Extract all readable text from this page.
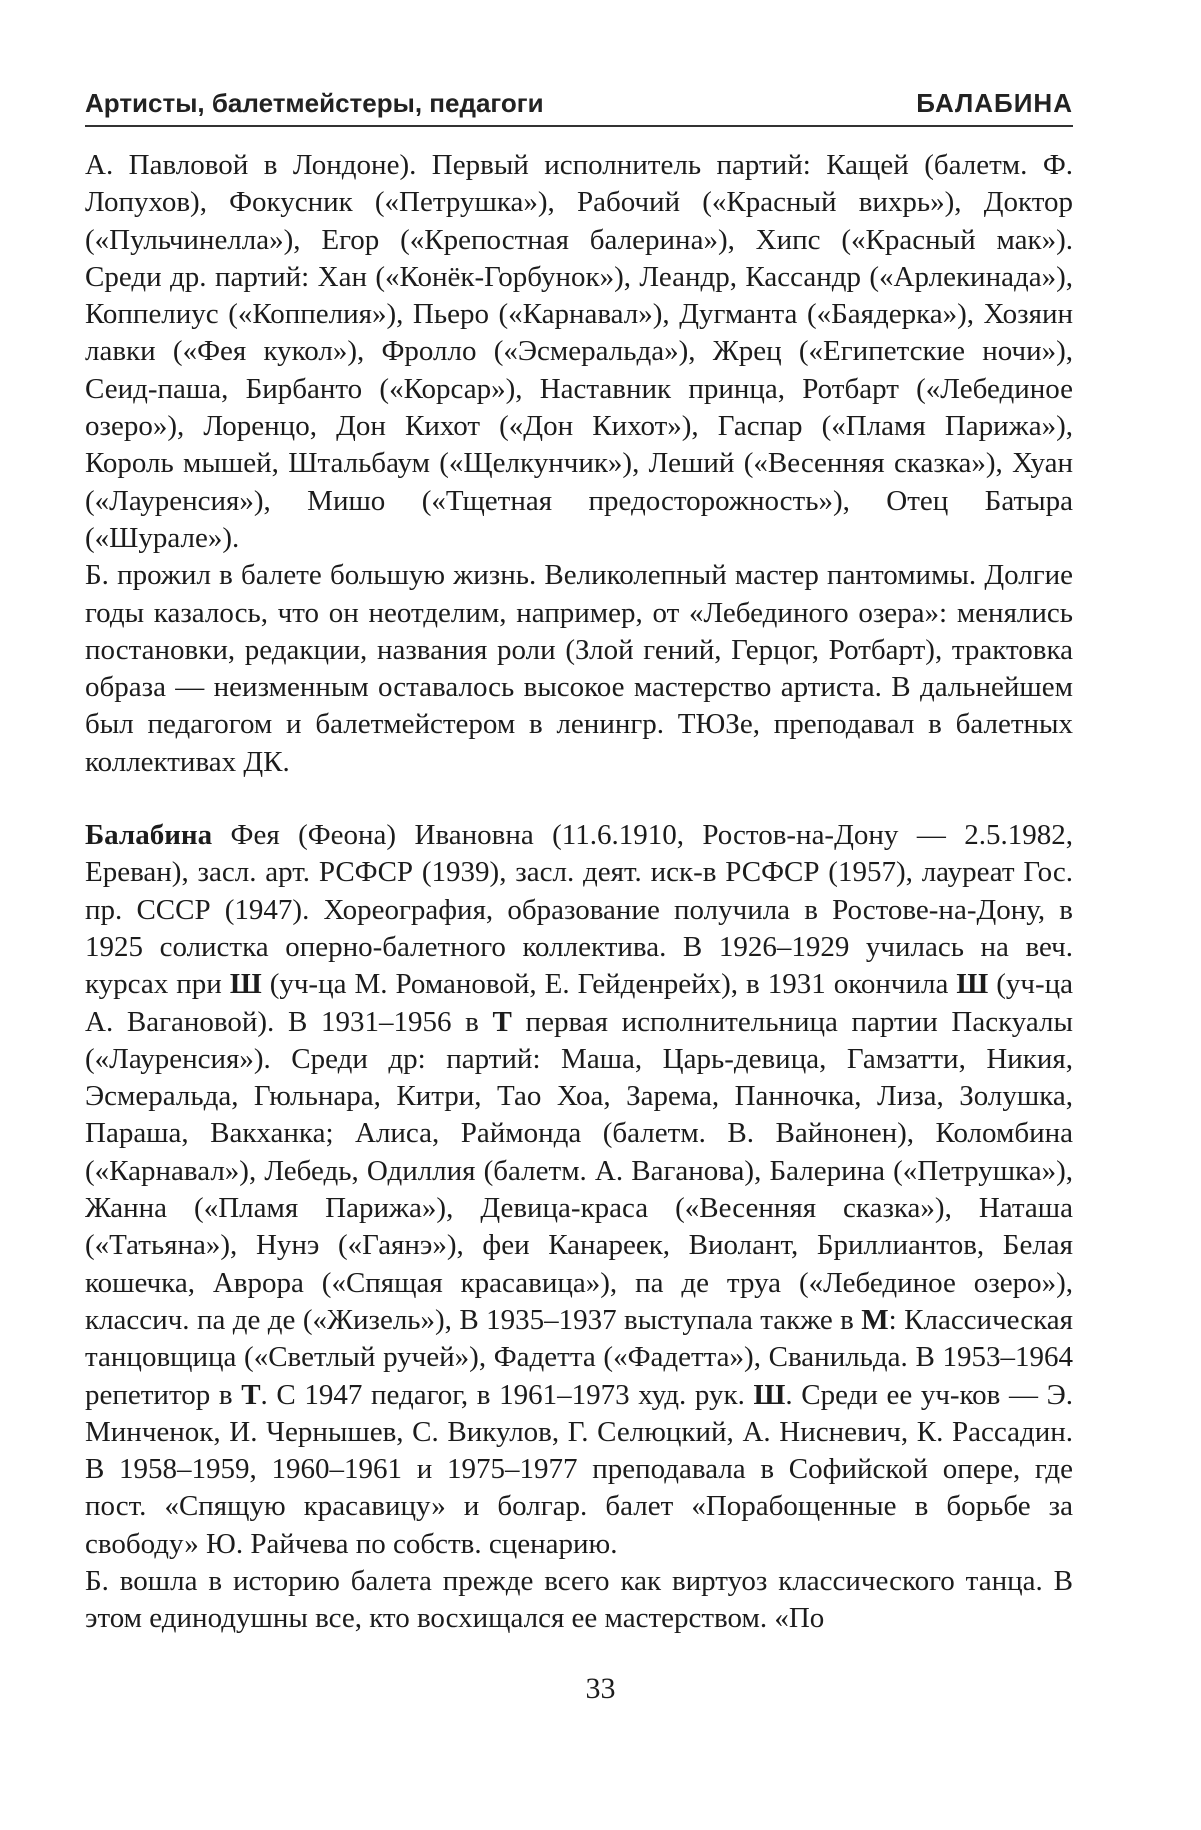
Артисты, балетмейстеры, педагоги	БАЛАБИНА

А. Павловой в Лондоне). Первый исполнитель партий: Кащей (балетм. Ф. Лопухов), Фокусник («Петрушка»), Рабочий («Красный вихрь»), Доктор («Пульчинелла»), Егор («Крепостная балерина»), Хипс («Красный мак»). Среди др. партий: Хан («Конёк-Горбунок»), Леандр, Кассандр («Арлекинада»), Коппелиус («Коппелия»), Пьеро («Карнавал»), Дугманта («Баядерка»), Хозяин лавки («Фея кукол»), Фролло («Эсмеральда»), Жрец («Египетские ночи»), Сеид-паша, Бирбанто («Корсар»), Наставник принца, Ротбарт («Лебединое озеро»), Лоренцо, Дон Кихот («Дон Кихот»), Гаспар («Пламя Парижа»), Король мышей, Штальбаум («Щелкунчик»), Леший («Весенняя сказка»), Хуан («Лауренсия»), Мишо («Тщетная предосторожность»), Отец Батыра («Шурале»).

Б. прожил в балете большую жизнь. Великолепный мастер пантомимы. Долгие годы казалось, что он неотделим, например, от «Лебединого озера»: менялись постановки, редакции, названия роли (Злой гений, Герцог, Ротбарт), трактовка образа — неизменным оставалось высокое мастерство артиста. В дальнейшем был педагогом и балетмейстером в ленингр. ТЮЗе, преподавал в балетных коллективах ДК.

Балабина Фея (Феона) Ивановна (11.6.1910, Ростов-на-Дону — 2.5.1982, Ереван), засл. арт. РСФСР (1939), засл. деят. иск-в РСФСР (1957), лауреат Гос. пр. СССР (1947). Хореография, образование получила в Ростове-на-Дону, в 1925 солистка оперно-балетного коллектива. В 1926–1929 училась на веч. курсах при Ш (уч-ца М. Романовой, Е. Гейденрейх), в 1931 окончила Ш (уч-ца А. Вагановой). В 1931–1956 в Т первая исполнительница партии Паскуалы («Лауренсия»). Среди др: партий: Маша, Царь-девица, Гамзатти, Никия, Эсмеральда, Гюльнара, Китри, Тао Хоа, Зарема, Панночка, Лиза, Золушка, Параша, Вакханка; Алиса, Раймонда (балетм. В. Вайнонен), Коломбина («Карнавал»), Лебедь, Одиллия (балетм. А. Ваганова), Балерина («Петрушка»), Жанна («Пламя Парижа»), Девица-краса («Весенняя сказка»), Наташа («Татьяна»), Нунэ («Гаянэ»), феи Канареек, Виолант, Бриллиантов, Белая кошечка, Аврора («Спящая красавица»), па де труа («Лебединое озеро»), классич. па де де («Жизель»), В 1935–1937 выступала также в М: Классическая танцовщица («Светлый ручей»), Фадетта («Фадетта»), Сванильда. В 1953–1964 репетитор в Т. С 1947 педагог, в 1961–1973 худ. рук. Ш. Среди ее уч-ков — Э. Минченок, И. Чернышев, С. Викулов, Г. Селюцкий, А. Нисневич, К. Рассадин. В 1958–1959, 1960–1961 и 1975–1977 преподавала в Софийской опере, где пост. «Спящую красавицу» и болгар. балет «Порабощенные в борьбе за свободу» Ю. Райчева по собств. сценарию.

Б. вошла в историю балета прежде всего как виртуоз классического танца. В этом единодушны все, кто восхищался ее мастерством. «По

33
